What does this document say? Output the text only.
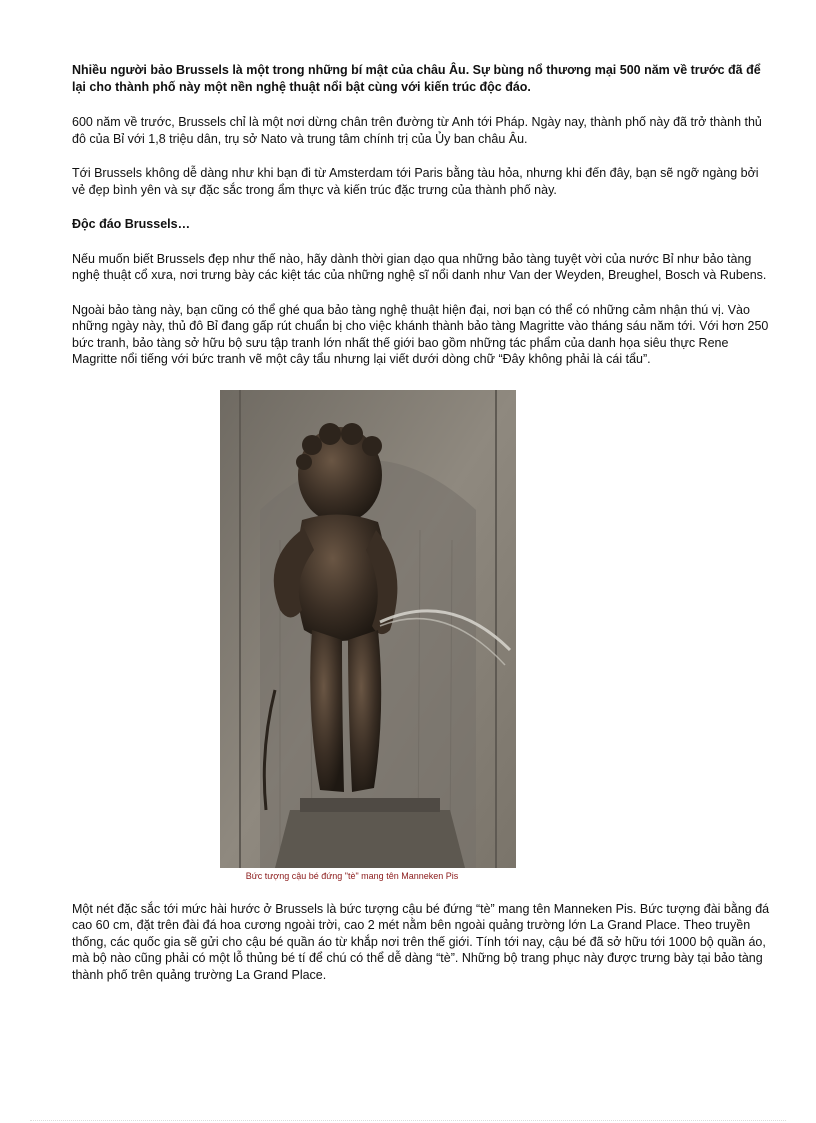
Nhiều người bảo Brussels là một trong những bí mật của châu Âu. Sự bùng nổ thương mại 500 năm về trước đã để lại cho thành phố này một nền nghệ thuật nổi bật cùng với kiến trúc độc đáo.

600 năm về trước, Brussels chỉ là một nơi dừng chân trên đường từ Anh tới Pháp. Ngày nay, thành phố này đã trở thành thủ đô của Bỉ với 1,8 triệu dân, trụ sở Nato và trung tâm chính trị của Ủy ban châu Âu.

Tới Brussels không dễ dàng như khi bạn đi từ Amsterdam tới Paris bằng tàu hỏa, nhưng khi đến đây, bạn sẽ ngỡ ngàng bởi vẻ đẹp bình yên và sự đặc sắc trong ẩm thực và kiến trúc đặc trưng của thành phố này.

Độc đáo Brussels…

Nếu muốn biết Brussels đẹp như thế nào, hãy dành thời gian dạo qua những bảo tàng tuyệt vời của nước Bỉ như bảo tàng nghệ thuật cổ xưa, nơi trưng bày các kiệt tác của những nghệ sĩ nổi danh như Van der Weyden, Breughel, Bosch và Rubens.

Ngoài bảo tàng này, bạn cũng có thể ghé qua bảo tàng nghệ thuật hiện đại, nơi bạn có thể có những cảm nhận thú vị. Vào những ngày này, thủ đô Bỉ đang gấp rút chuẩn bị cho việc khánh thành bảo tàng Magritte vào tháng sáu năm tới. Với hơn 250 bức tranh, bảo tàng sở hữu bộ sưu tập tranh lớn nhất thế giới bao gồm những tác phẩm của danh họa siêu thực Rene Magritte nổi tiếng với bức tranh vẽ một cây tẩu nhưng lại viết dưới dòng chữ “Đây không phải là cái tẩu”.

Bức tượng cậu bé đứng "tè" mang tên Manneken Pis

Một nét đặc sắc tới mức hài hước ở Brussels là bức tượng cậu bé đứng “tè” mang tên Manneken Pis. Bức tượng đài bằng đá cao 60 cm, đặt trên đài đá hoa cương ngoài trời, cao 2 mét nằm bên ngoài quảng trường lớn La Grand Place. Theo truyền thống, các quốc gia sẽ gửi cho cậu bé quần áo từ khắp nơi trên thế giới. Tính tới nay, cậu bé đã sở hữu tới 1000 bộ quần áo, mà bộ nào cũng phải có một lỗ thủng bé tí để chú có thể dễ dàng “tè”. Những bộ trang phục này được trưng bày tại bảo tàng thành phố trên quảng trường La Grand Place.
